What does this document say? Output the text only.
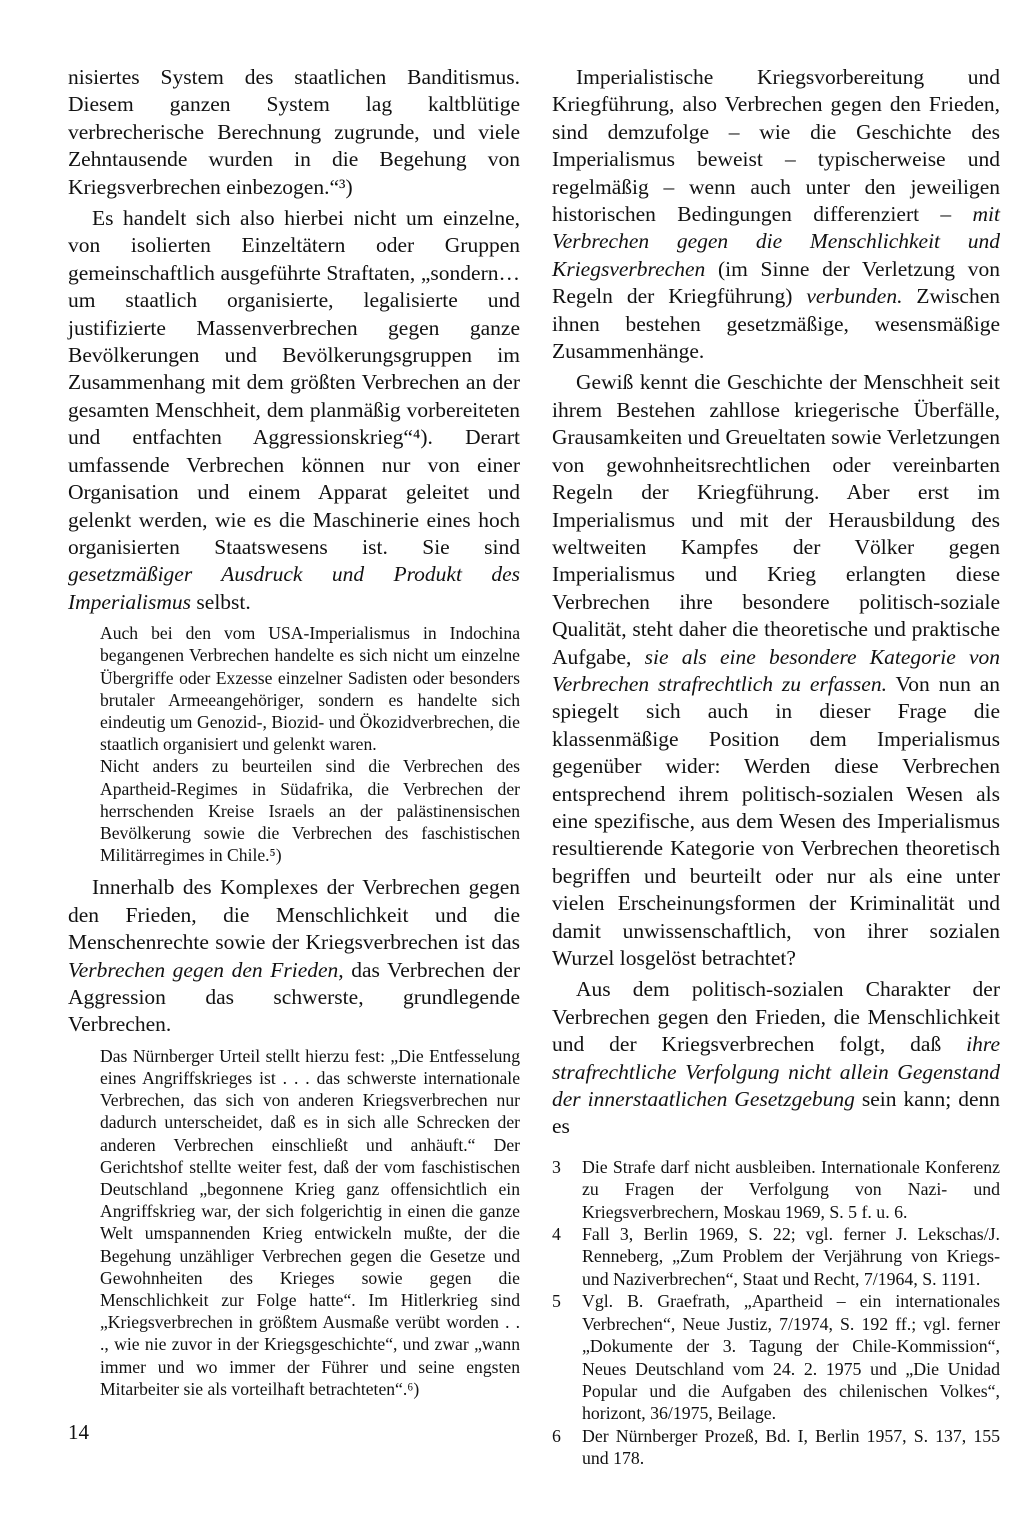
nisiertes System des staatlichen Banditismus. Diesem ganzen System lag kaltblütige verbrecherische Berechnung zugrunde, und viele Zehntausende wurden in die Begehung von Kriegsverbrechen einbezogen.“³)

Es handelt sich also hierbei nicht um einzelne, von isolierten Einzeltätern oder Gruppen gemeinschaftlich ausgeführte Straftaten, „sondern… um staatlich organisierte, legalisierte und justifizierte Massenverbrechen gegen ganze Bevölkerungen und Bevölkerungsgruppen im Zusammenhang mit dem größten Verbrechen an der gesamten Menschheit, dem planmäßig vorbereiteten und entfachten Aggressionskrieg“⁴). Derart umfassende Verbrechen können nur von einer Organisation und einem Apparat geleitet und gelenkt werden, wie es die Maschinerie eines hoch organisierten Staatswesens ist. Sie sind gesetzmäßiger Ausdruck und Produkt des Imperialismus selbst.

Auch bei den vom USA-Imperialismus in Indochina begangenen Verbrechen handelte es sich nicht um einzelne Übergriffe oder Exzesse einzelner Sadisten oder besonders brutaler Armeeangehöriger, sondern es handelte sich eindeutig um Genozid-, Biozid- und Ökozidverbrechen, die staatlich organisiert und gelenkt waren.

Nicht anders zu beurteilen sind die Verbrechen des Apartheid-Regimes in Südafrika, die Verbrechen der herrschenden Kreise Israels an der palästinensischen Bevölkerung sowie die Verbrechen des faschistischen Militärregimes in Chile.⁵)

Innerhalb des Komplexes der Verbrechen gegen den Frieden, die Menschlichkeit und die Menschenrechte sowie der Kriegsverbrechen ist das Verbrechen gegen den Frieden, das Verbrechen der Aggression das schwerste, grundlegende Verbrechen.

Das Nürnberger Urteil stellt hierzu fest: „Die Entfesselung eines Angriffskrieges ist . . . das schwerste internationale Verbrechen, das sich von anderen Kriegsverbrechen nur dadurch unterscheidet, daß es in sich alle Schrecken der anderen Verbrechen einschließt und anhäuft.“ Der Gerichtshof stellte weiter fest, daß der vom faschistischen Deutschland „begonnene Krieg ganz offensichtlich ein Angriffskrieg war, der sich folgerichtig in einen die ganze Welt umspannenden Krieg entwickeln mußte, der die Begehung unzähliger Verbrechen gegen die Gesetze und Gewohnheiten des Krieges sowie gegen die Menschlichkeit zur Folge hatte“. Im Hitlerkrieg sind „Kriegsverbrechen in größtem Ausmaße verübt worden . . ., wie nie zuvor in der Kriegsgeschichte“, und zwar „wann immer und wo immer der Führer und seine engsten Mitarbeiter sie als vorteilhaft betrachteten“.⁶)

Imperialistische Kriegsvorbereitung und Kriegführung, also Verbrechen gegen den Frieden, sind demzufolge – wie die Geschichte des Imperialismus beweist – typischerweise und regelmäßig – wenn auch unter den jeweiligen historischen Bedingungen differenziert – mit Verbrechen gegen die Menschlichkeit und Kriegsverbrechen (im Sinne der Verletzung von Regeln der Kriegführung) verbunden. Zwischen ihnen bestehen gesetzmäßige, wesensmäßige Zusammenhänge.

Gewiß kennt die Geschichte der Menschheit seit ihrem Bestehen zahllose kriegerische Überfälle, Grausamkeiten und Greueltaten sowie Verletzungen von gewohnheitsrechtlichen oder vereinbarten Regeln der Kriegführung. Aber erst im Imperialismus und mit der Herausbildung des weltweiten Kampfes der Völker gegen Imperialismus und Krieg erlangten diese Verbrechen ihre besondere politisch-soziale Qualität, steht daher die theoretische und praktische Aufgabe, sie als eine besondere Kategorie von Verbrechen strafrechtlich zu erfassen. Von nun an spiegelt sich auch in dieser Frage die klassenmäßige Position dem Imperialismus gegenüber wider: Werden diese Verbrechen entsprechend ihrem politisch-sozialen Wesen als eine spezifische, aus dem Wesen des Imperialismus resultierende Kategorie von Verbrechen theoretisch begriffen und beurteilt oder nur als eine unter vielen Erscheinungsformen der Kriminalität und damit unwissenschaftlich, von ihrer sozialen Wurzel losgelöst betrachtet?

Aus dem politisch-sozialen Charakter der Verbrechen gegen den Frieden, die Menschlichkeit und der Kriegsverbrechen folgt, daß ihre strafrechtliche Verfolgung nicht allein Gegenstand der innerstaatlichen Gesetzgebung sein kann; denn es

3	Die Strafe darf nicht ausbleiben. Internationale Konferenz zu Fragen der Verfolgung von Nazi- und Kriegsverbrechern, Moskau 1969, S. 5 f. u. 6.
4	Fall 3, Berlin 1969, S. 22; vgl. ferner J. Lekschas/J. Renneberg, „Zum Problem der Verjährung von Kriegs- und Naziverbrechen“, Staat und Recht, 7/1964, S. 1191.
5	Vgl. B. Graefrath, „Apartheid – ein internationales Verbrechen“, Neue Justiz, 7/1974, S. 192 ff.; vgl. ferner „Dokumente der 3. Tagung der Chile-Kommission“, Neues Deutschland vom 24. 2. 1975 und „Die Unidad Popular und die Aufgaben des chilenischen Volkes“, horizont, 36/1975, Beilage.
6	Der Nürnberger Prozeß, Bd. I, Berlin 1957, S. 137, 155 und 178.
14
